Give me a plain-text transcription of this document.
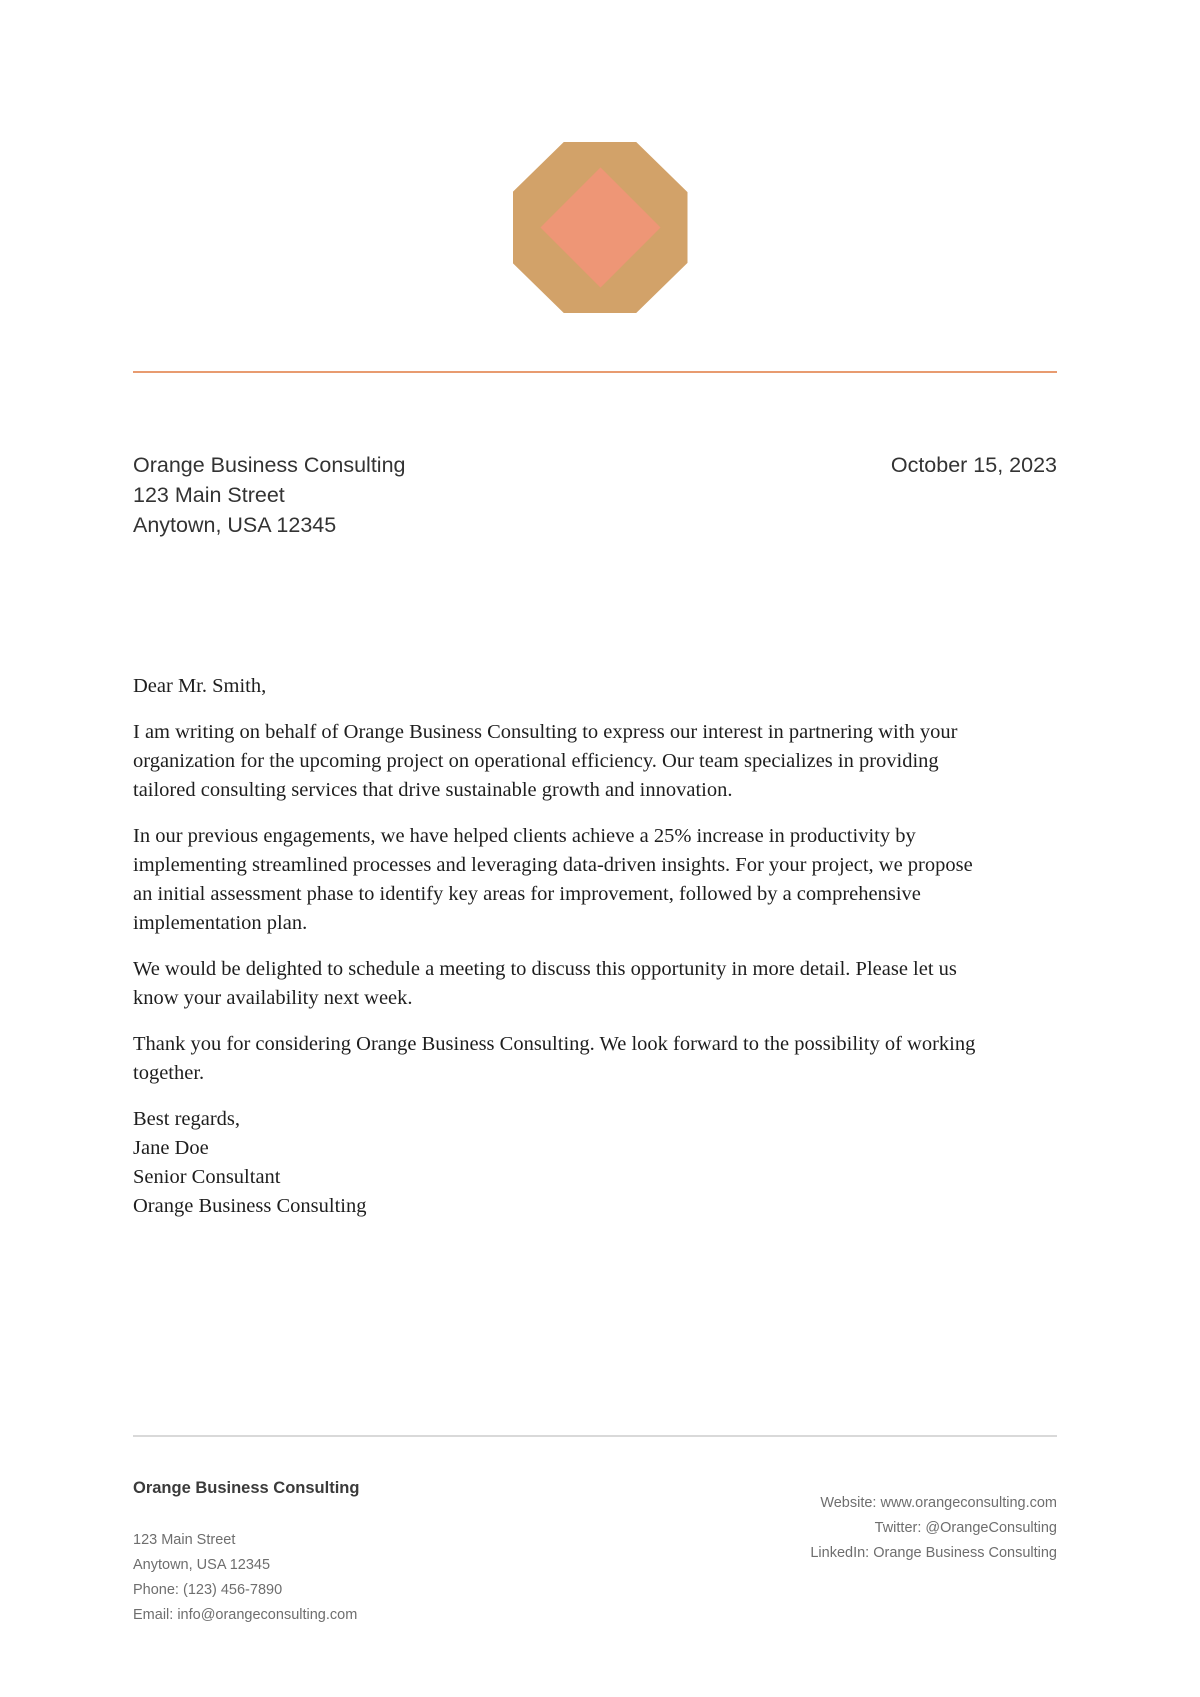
Orange Business Consulting
123 Main Street
Anytown, USA 12345
October 15, 2023

Dear Mr. Smith,

I am writing on behalf of Orange Business Consulting to express our interest in partnering with your organization for the upcoming project on operational efficiency. Our team specializes in providing tailored consulting services that drive sustainable growth and innovation.

In our previous engagements, we have helped clients achieve a 25% increase in productivity by implementing streamlined processes and leveraging data-driven insights. For your project, we propose an initial assessment phase to identify key areas for improvement, followed by a comprehensive implementation plan.

We would be delighted to schedule a meeting to discuss this opportunity in more detail. Please let us know your availability next week.

Thank you for considering Orange Business Consulting. We look forward to the possibility of working together.

Best regards,
Jane Doe
Senior Consultant
Orange Business Consulting
Orange Business Consulting
123 Main Street
Anytown, USA 12345
Phone: (123) 456-7890
Email: info@orangeconsulting.com
Website: www.orangeconsulting.com
Twitter: @OrangeConsulting
LinkedIn: Orange Business Consulting
